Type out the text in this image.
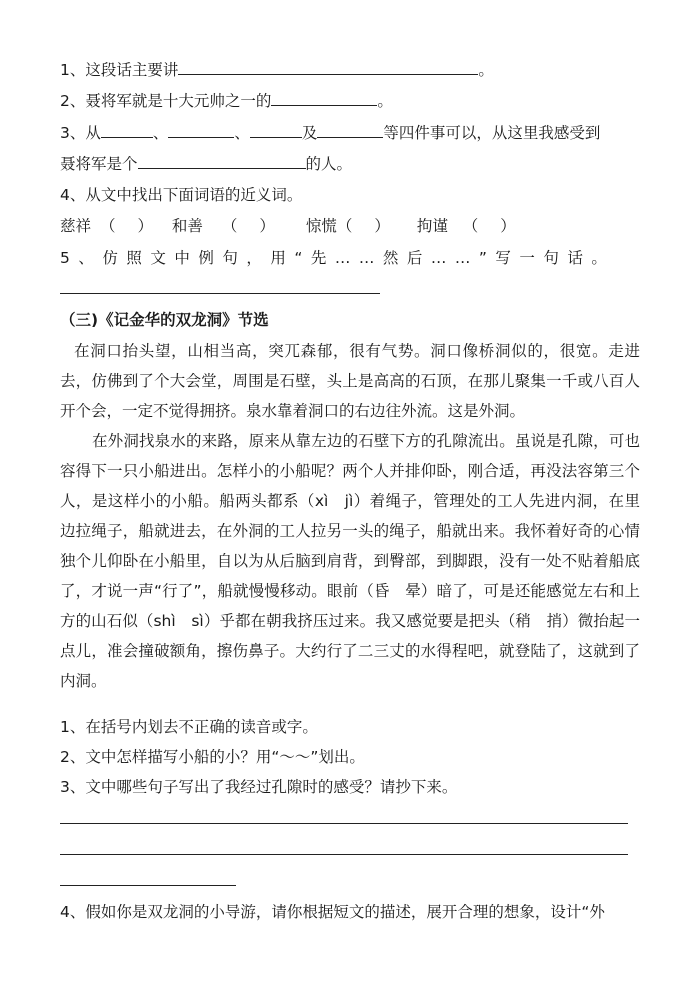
1、这段话主要讲	。
2、聂将军就是十大元帅之一的	。
3、从	、	、	及	等四件事可以，从这里我感受到
聂将军是个	的人。
4、从文中找出下面词语的近义词。
慈祥 （ ） 和善 （ ） 惊慌（ ） 拘谨 （ ）
5、仿照文中例句，用“先……然后……”写一句话。
（三)《记金华的双龙洞》节选

在洞口抬头望，山相当高，突兀森郁，很有气势。洞口像桥洞似的，很宽。走进去，仿佛到了个大会堂，周围是石壁，头上是高高的石顶，在那儿聚集一千或八百人开个会，一定不觉得拥挤。泉水靠着洞口的右边往外流。这是外洞。

在外洞找泉水的来路，原来从靠左边的石壁下方的孔隙流出。虽说是孔隙，可也容得下一只小船进出。怎样小的小船呢？两个人并排仰卧，刚合适，再没法容第三个人，是这样小的小船。船两头都系（xì　jì）着绳子，管理处的工人先进内洞，在里边拉绳子，船就进去，在外洞的工人拉另一头的绳子，船就出来。我怀着好奇的心情独个儿仰卧在小船里，自以为从后脑到肩背，到臀部，到脚跟，没有一处不贴着船底了，才说一声“行了”，船就慢慢移动。眼前（昏　晕）暗了，可是还能感觉左右和上方的山石似（shì　sì）乎都在朝我挤压过来。我又感觉要是把头（稍　捎）微抬起一点儿，准会撞破额角，擦伤鼻子。大约行了二三丈的水得程吧，就登陆了，这就到了内洞。

1、在括号内划去不正确的读音或字。
2、文中怎样描写小船的小？用“～～”划出。
3、文中哪些句子写出了我经过孔隙时的感受？请抄下来。
4、假如你是双龙洞的小导游，请你根据短文的描述，展开合理的想象，设计“外
